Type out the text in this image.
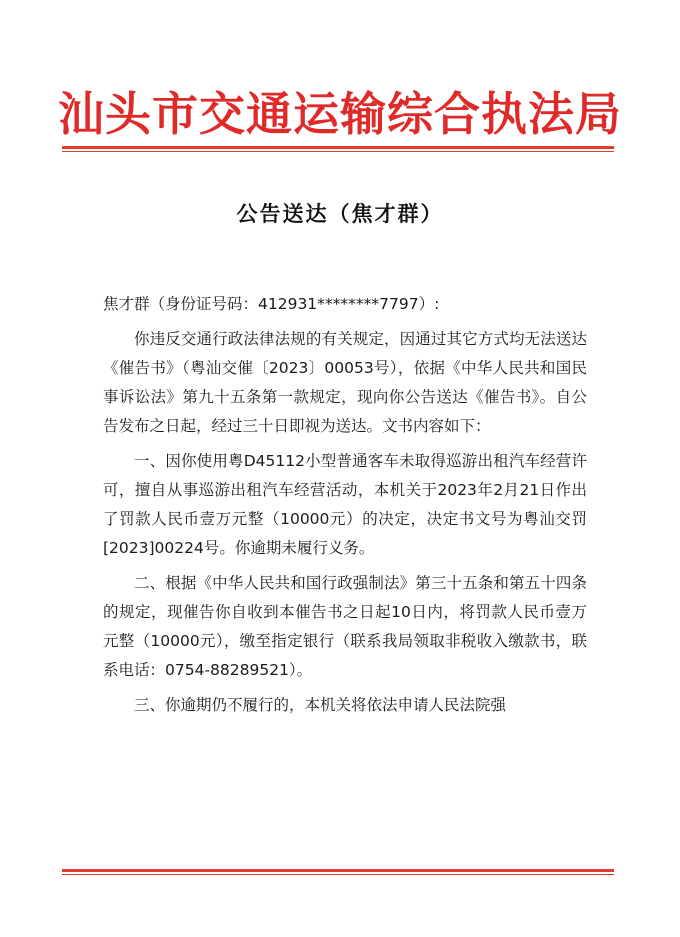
汕头市交通运输综合执法局
公告送达（焦才群）

焦才群（身份证号码：412931********7797）:

你违反交通行政法律法规的有关规定，因通过其它方式均无法送达《催告书》（粤汕交催〔2023〕00053号），依据《中华人民共和国民事诉讼法》第九十五条第一款规定，现向你公告送达《催告书》。自公告发布之日起，经过三十日即视为送达。文书内容如下：

一、因你使用粤D45112小型普通客车未取得巡游出租汽车经营许可，擅自从事巡游出租汽车经营活动，本机关于2023年2月21日作出了罚款人民币壹万元整（10000元）的决定，决定书文号为粤汕交罚[2023]00224号。你逾期未履行义务。

二、根据《中华人民共和国行政强制法》第三十五条和第五十四条的规定，现催告你自收到本催告书之日起10日内，将罚款人民币壹万元整（10000元），缴至指定银行（联系我局领取非税收入缴款书，联系电话：0754-88289521）。

三、你逾期仍不履行的，本机关将依法申请人民法院强
